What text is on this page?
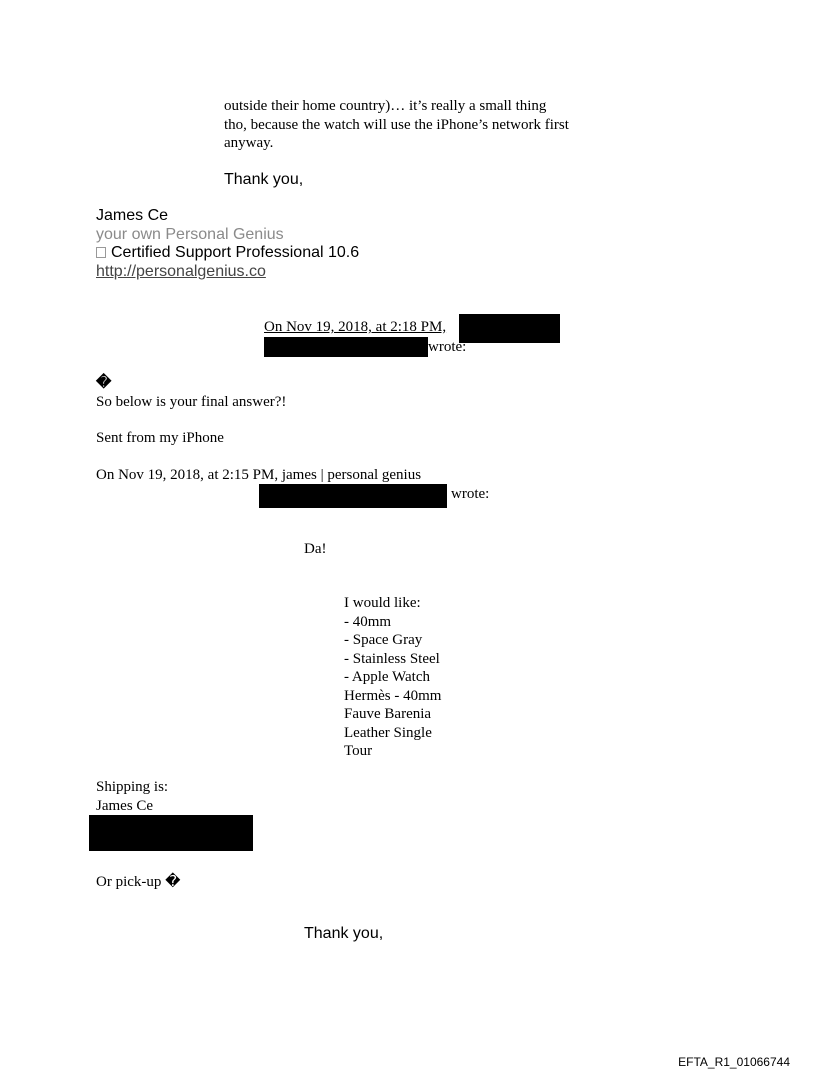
outside their home country)… it’s really a small thing
tho, because the watch will use the iPhone’s network first
anyway.
Thank you,
James Ce
your own Personal Genius
Certified Support Professional 10.6
http://personalgenius.co
On Nov 19, 2018, at 2:18 PM,
wrote:
�
So below is your final answer?!
Sent from my iPhone
On Nov 19, 2018, at 2:15 PM, james | personal genius
wrote:
Da!
I would like:
- 40mm
- Space Gray
- Stainless Steel
- Apple Watch
Hermès - 40mm
Fauve Barenia
Leather Single
Tour
Shipping is:
James Ce
Or pick-up �
Thank you,
EFTA_R1_01066744
